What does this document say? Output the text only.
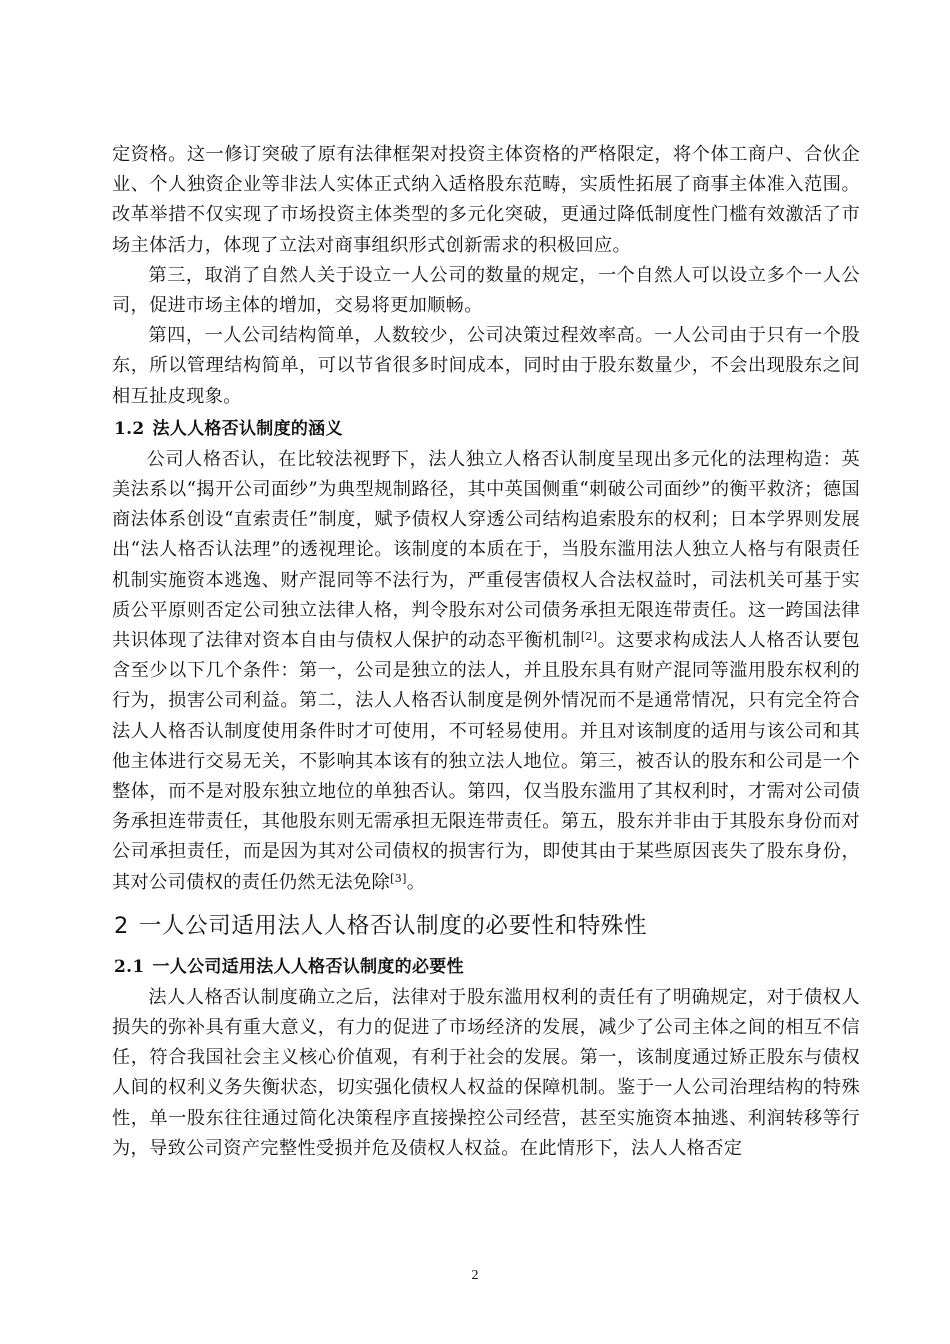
定资格。这一修订突破了原有法律框架对投资主体资格的严格限定，将个体工商户、合伙企业、个人独资企业等非法人实体正式纳入适格股东范畴，实质性拓展了商事主体准入范围。改革举措不仅实现了市场投资主体类型的多元化突破，更通过降低制度性门槛有效激活了市场主体活力，体现了立法对商事组织形式创新需求的积极回应。

第三，取消了自然人关于设立一人公司的数量的规定，一个自然人可以设立多个一人公司，促进市场主体的增加，交易将更加顺畅。

第四，一人公司结构简单，人数较少，公司决策过程效率高。一人公司由于只有一个股东，所以管理结构简单，可以节省很多时间成本，同时由于股东数量少，不会出现股东之间相互扯皮现象。

1.2 法人人格否认制度的涵义

公司人格否认，在比较法视野下，法人独立人格否认制度呈现出多元化的法理构造：英美法系以“揭开公司面纱”为典型规制路径，其中英国侧重“刺破公司面纱”的衡平救济；德国商法体系创设“直索责任”制度，赋予债权人穿透公司结构追索股东的权利；日本学界则发展出“法人格否认法理”的透视理论。该制度的本质在于，当股东滥用法人独立人格与有限责任机制实施资本逃逸、财产混同等不法行为，严重侵害债权人合法权益时，司法机关可基于实质公平原则否定公司独立法律人格，判令股东对公司债务承担无限连带责任。这一跨国法律共识体现了法律对资本自由与债权人保护的动态平衡机制[2]。这要求构成法人人格否认要包含至少以下几个条件：第一，公司是独立的法人，并且股东具有财产混同等滥用股东权利的行为，损害公司利益。第二，法人人格否认制度是例外情况而不是通常情况，只有完全符合法人人格否认制度使用条件时才可使用，不可轻易使用。并且对该制度的适用与该公司和其他主体进行交易无关，不影响其本该有的独立法人地位。第三，被否认的股东和公司是一个整体，而不是对股东独立地位的单独否认。第四，仅当股东滥用了其权利时，才需对公司债务承担连带责任，其他股东则无需承担无限连带责任。第五，股东并非由于其股东身份而对公司承担责任，而是因为其对公司债权的损害行为，即使其由于某些原因丧失了股东身份，其对公司债权的责任仍然无法免除[3]。

2 一人公司适用法人人格否认制度的必要性和特殊性
2.1 一人公司适用法人人格否认制度的必要性

法人人格否认制度确立之后，法律对于股东滥用权利的责任有了明确规定，对于债权人损失的弥补具有重大意义，有力的促进了市场经济的发展，减少了公司主体之间的相互不信任，符合我国社会主义核心价值观，有利于社会的发展。第一，该制度通过矫正股东与债权人间的权利义务失衡状态，切实强化债权人权益的保障机制。鉴于一人公司治理结构的特殊性，单一股东往往通过简化决策程序直接操控公司经营，甚至实施资本抽逃、利润转移等行为，导致公司资产完整性受损并危及债权人权益。在此情形下，法人人格否定

2
